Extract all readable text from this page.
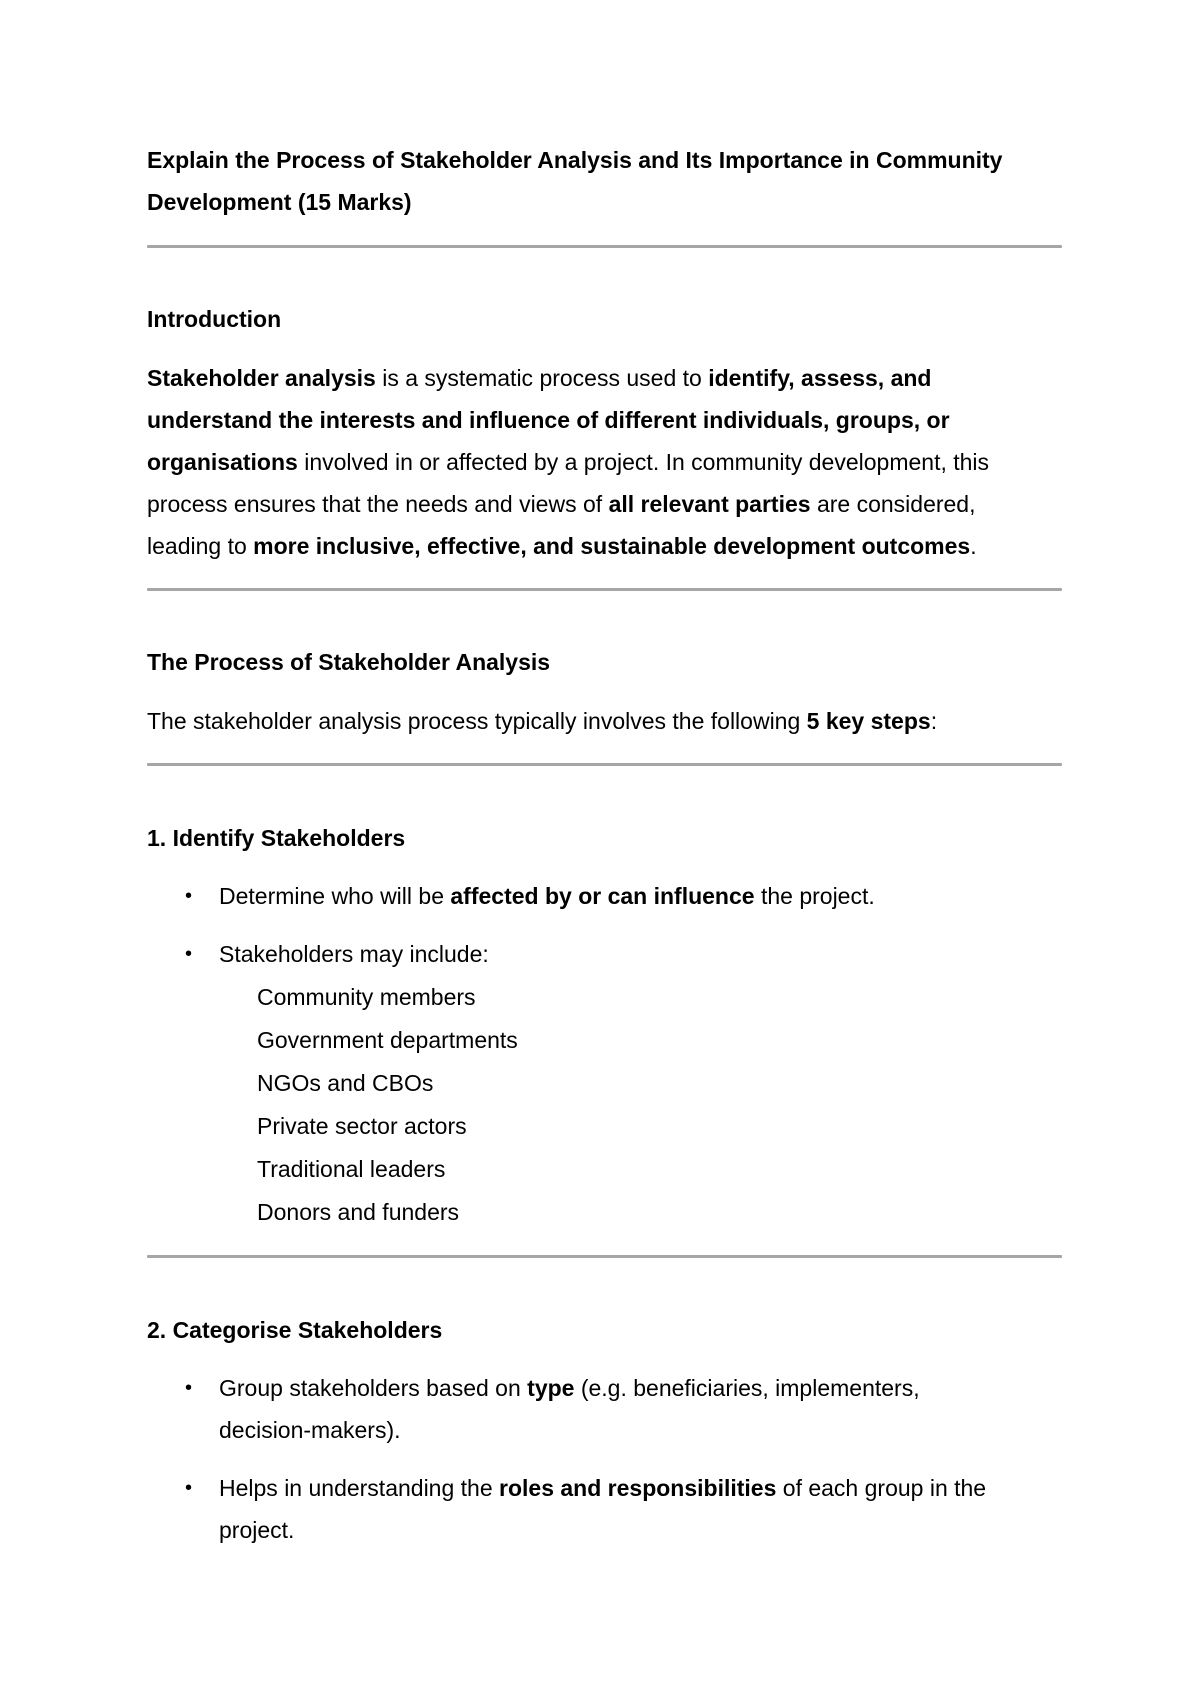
Explain the Process of Stakeholder Analysis and Its Importance in Community
Development (15 Marks)
Introduction
Stakeholder analysis is a systematic process used to identify, assess, and
understand the interests and influence of different individuals, groups, or
organisations involved in or affected by a project. In community development, this
process ensures that the needs and views of all relevant parties are considered,
leading to more inclusive, effective, and sustainable development outcomes.
The Process of Stakeholder Analysis
The stakeholder analysis process typically involves the following 5 key steps:
1. Identify Stakeholders
• Determine who will be affected by or can influence the project.
• Stakeholders may include:
Community members
Government departments
NGOs and CBOs
Private sector actors
Traditional leaders
Donors and funders
2. Categorise Stakeholders
• Group stakeholders based on type (e.g. beneficiaries, implementers,
decision-makers).
• Helps in understanding the roles and responsibilities of each group in the
project.
